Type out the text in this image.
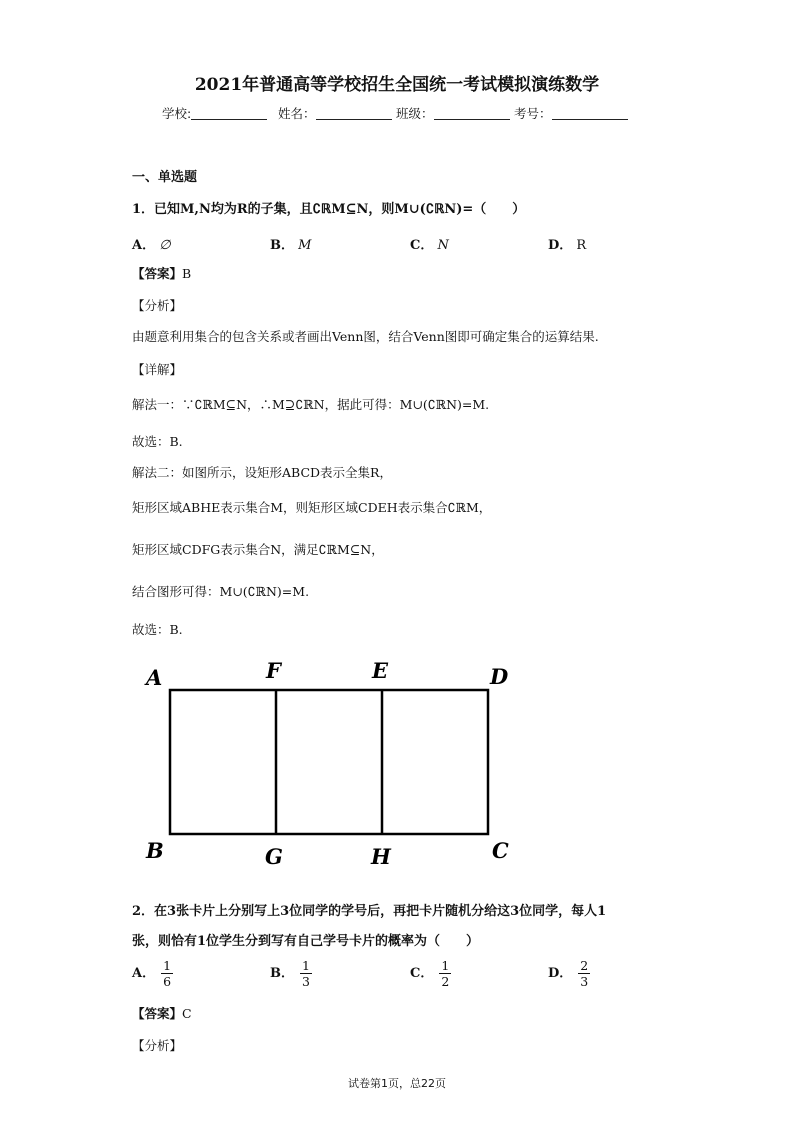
2021年普通高等学校招生全国统一考试模拟演练数学
学校:	姓名：	班级：	考号：
一、单选题
1．已知M,N均为R的子集，且∁ℝM⊆N，则M∪(∁ℝN)=（　　）
A． ∅	B． M	C． N	D． R
【答案】B
【分析】
由题意利用集合的包含关系或者画出Venn图，结合Venn图即可确定集合的运算结果.
【详解】
解法一：∵∁ℝM⊆N，∴M⊇∁ℝN，据此可得：M∪(∁ℝN)=M.
故选：B.
解法二：如图所示，设矩形ABCD表示全集R，
矩形区域ABHE表示集合M，则矩形区域CDEH表示集合∁ℝM，
矩形区域CDFG表示集合N，满足∁ℝM⊆N，
结合图形可得：M∪(∁ℝN)=M.
故选：B.
A	F	E	D
B	G	H	C
2．在3张卡片上分别写上3位同学的学号后，再把卡片随机分给这3位同学，每人1
张，则恰有1位学生分到写有自己学号卡片的概率为（　　）
A． $\frac{1}{6}$	B． $\frac{1}{3}$	C． $\frac{1}{2}$	D． $\frac{2}{3}$
【答案】C
【分析】
试卷第1页，总22页
